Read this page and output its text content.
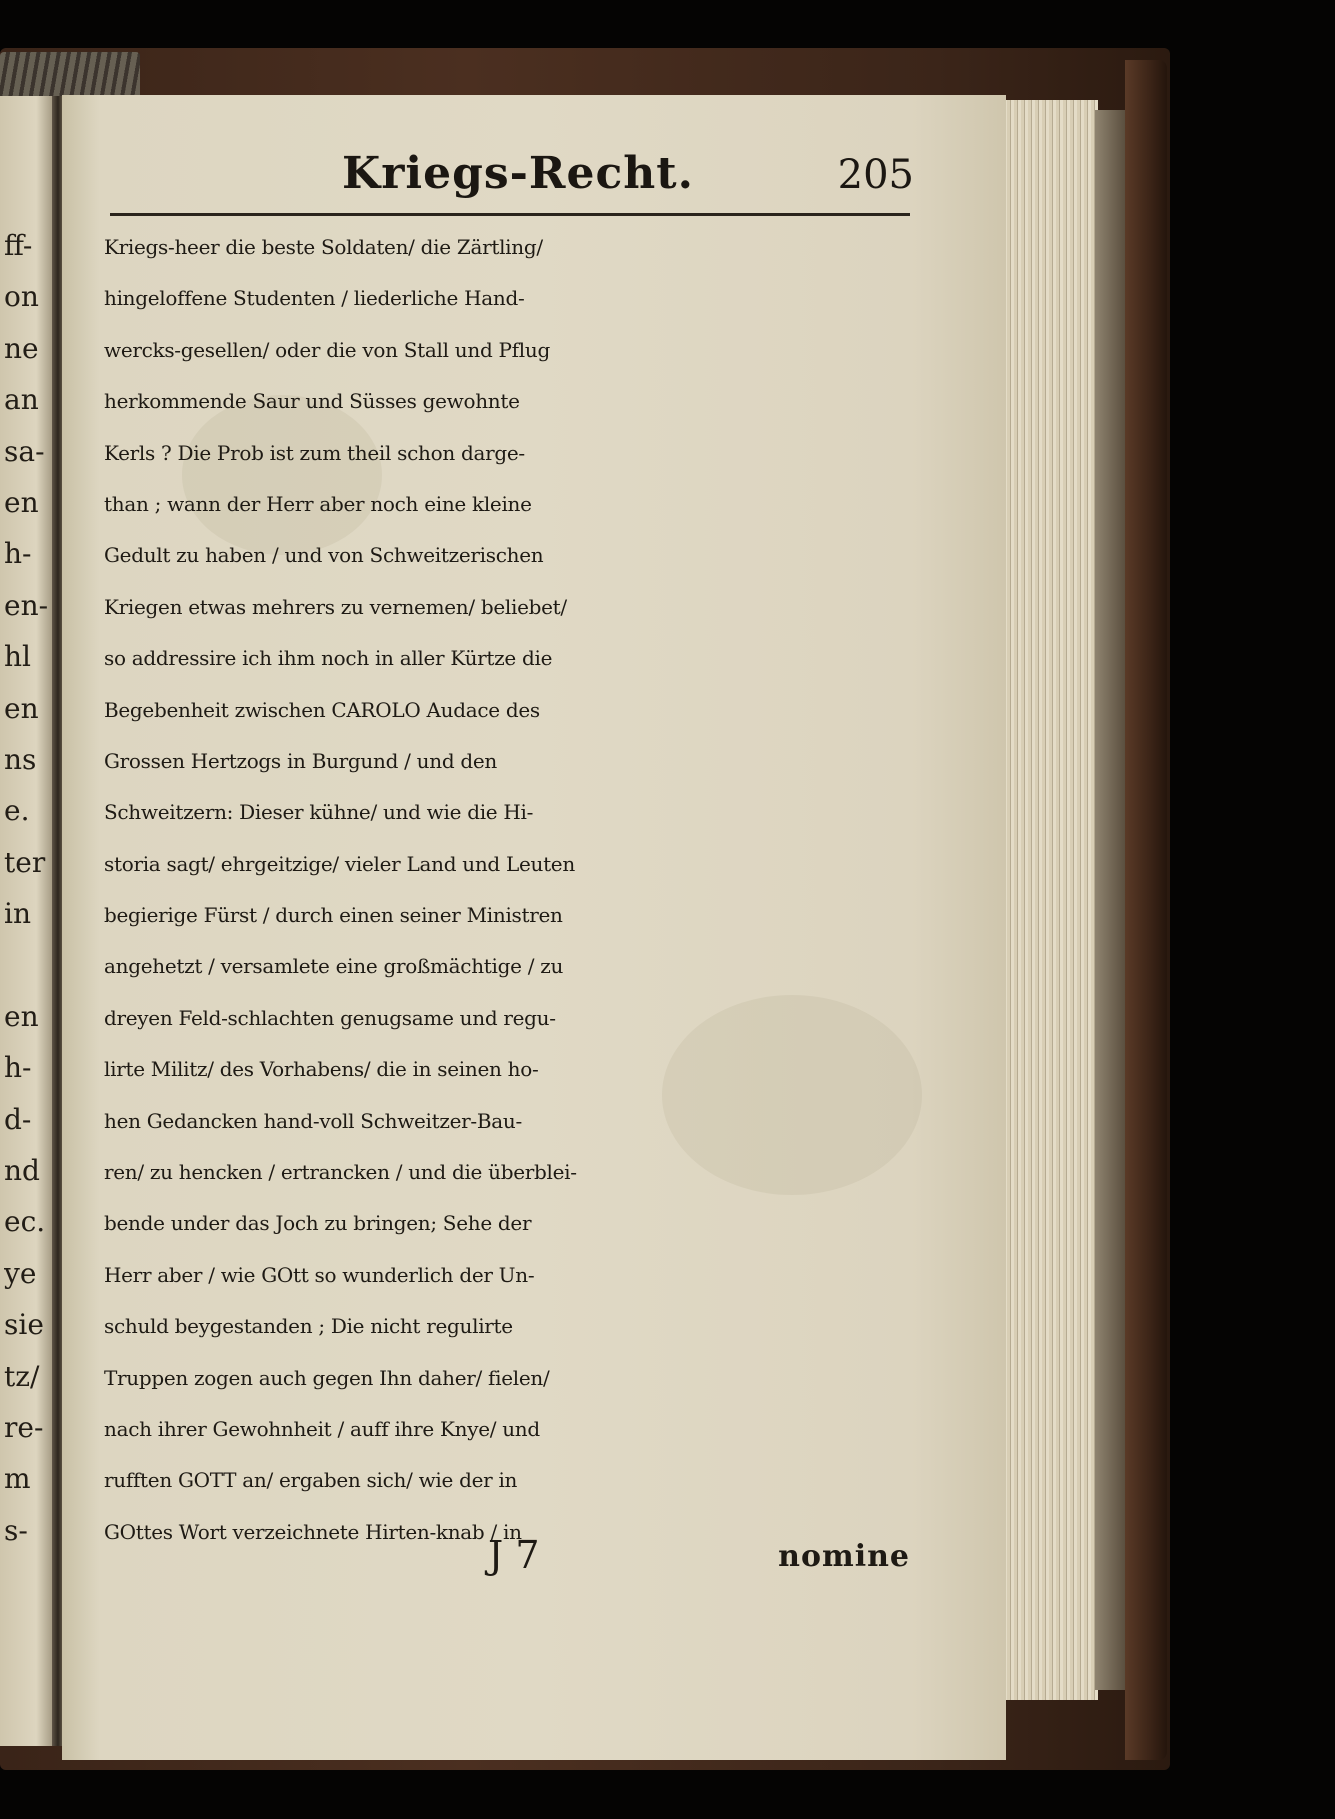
ff-
on
ne
an
sa-
en
h-
en-
hl
en
ns
e.
ter
in
en
h-
d-
nd
ec.
ye
sie
tz/
re-
m
s-
Kriegs-Recht.	205
Kriegs-heer die beste Soldaten/ die Zärtling/
hingeloffene Studenten / liederliche Hand-
wercks-gesellen/ oder die von Stall und Pflug
herkommende Saur und Süsses gewohnte
Kerls ? Die Prob ist zum theil schon darge-
than ; wann der Herr aber noch eine kleine
Gedult zu haben / und von Schweitzerischen
Kriegen etwas mehrers zu vernemen/ beliebet/
so addressire ich ihm noch in aller Kürtze die
Begebenheit zwischen CAROLO Audace des
Grossen Hertzogs in Burgund / und den
Schweitzern: Dieser kühne/ und wie die Hi-
storia sagt/ ehrgeitzige/ vieler Land und Leuten
begierige Fürst / durch einen seiner Ministren
angehetzt / versamlete eine großmächtige / zu
dreyen Feld-schlachten genugsame und regu-
lirte Militz/ des Vorhabens/ die in seinen ho-
hen Gedancken hand-voll Schweitzer-Bau-
ren/ zu hencken / ertrancken / und die überblei-
bende under das Joch zu bringen; Sehe der
Herr aber / wie GOtt so wunderlich der Un-
schuld beygestanden ; Die nicht regulirte
Truppen zogen auch gegen Ihn daher/ fielen/
nach ihrer Gewohnheit / auff ihre Knye/ und
rufften GOTT an/ ergaben sich/ wie der in
GOttes Wort verzeichnete Hirten-knab / in
J 7	nomine
